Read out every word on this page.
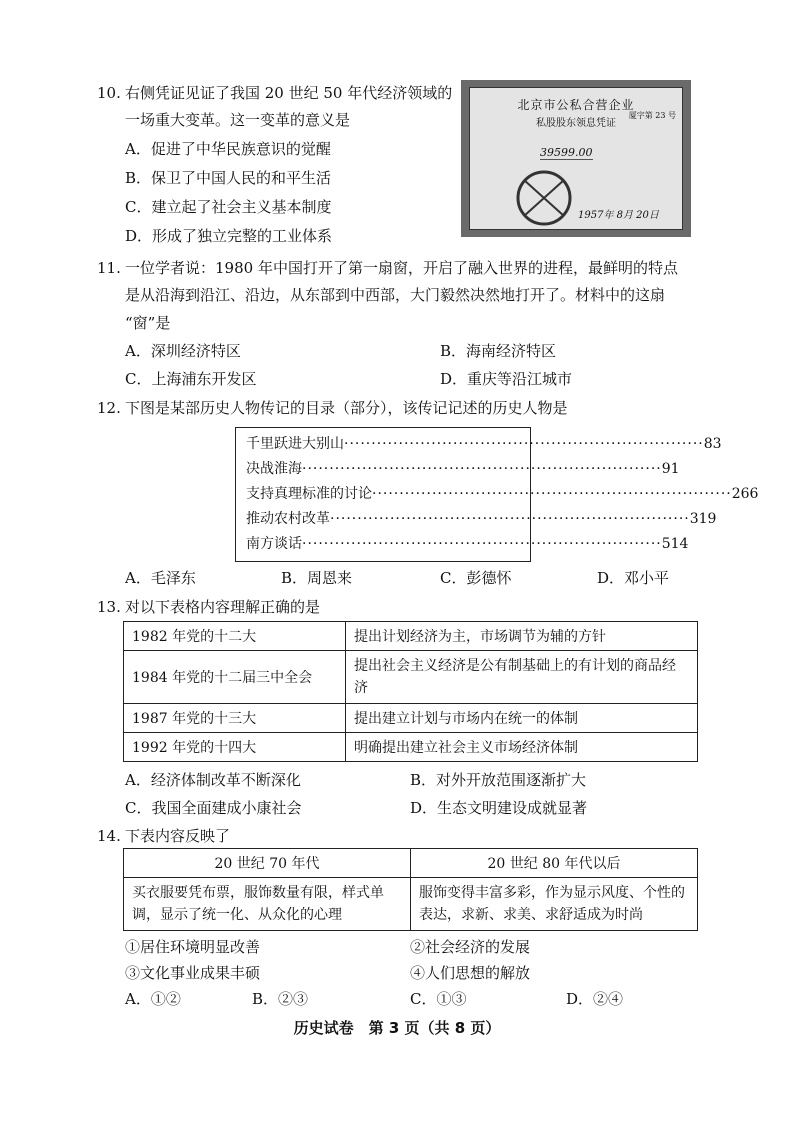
10. 右侧凭证见证了我国 20 世纪 50 年代经济领域的
一场重大变革。这一变革的意义是
A．促进了中华民族意识的觉醒
B．保卫了中国人民的和平生活
C．建立起了社会主义基本制度
D．形成了独立完整的工业体系
北京市公私合营企业
私股股东领息凭证
厦字第 23 号
39599.00
1957年 8月 20日
11. 一位学者说：1980 年中国打开了第一扇窗，开启了融入世界的进程，最鲜明的特点
是从沿海到沿江、沿边，从东部到中西部，大门毅然决然地打开了。材料中的这扇
“窗”是
A．深圳经济特区	B．海南经济特区
C．上海浦东开发区	D．重庆等沿江城市
12. 下图是某部历史人物传记的目录（部分），该传记记述的历史人物是
千里跃进大别山 ·································································· 83
决战淮海 ·································································· 91
支持真理标准的讨论 ·································································· 266
推动农村改革 ·································································· 319
南方谈话 ·································································· 514
A．毛泽东	B．周恩来	C．彭德怀	D．邓小平
13. 对以下表格内容理解正确的是
1982 年党的十二大	提出计划经济为主，市场调节为辅的方针
1984 年党的十二届三中全会	提出社会主义经济是公有制基础上的有计划的商品经济
1987 年党的十三大	提出建立计划与市场内在统一的体制
1992 年党的十四大	明确提出建立社会主义市场经济体制
A．经济体制改革不断深化	B．对外开放范围逐渐扩大
C．我国全面建成小康社会	D．生态文明建设成就显著
14. 下表内容反映了
20 世纪 70 年代	20 世纪 80 年代以后
买衣服要凭布票，服饰数量有限，样式单调，显示了统一化、从众化的心理	服饰变得丰富多彩，作为显示风度、个性的表达，求新、求美、求舒适成为时尚
①居住环境明显改善	②社会经济的发展
③文化事业成果丰硕	④人们思想的解放
A．①②	B．②③	C．①③	D．②④
历史试卷　第 3 页（共 8 页）
